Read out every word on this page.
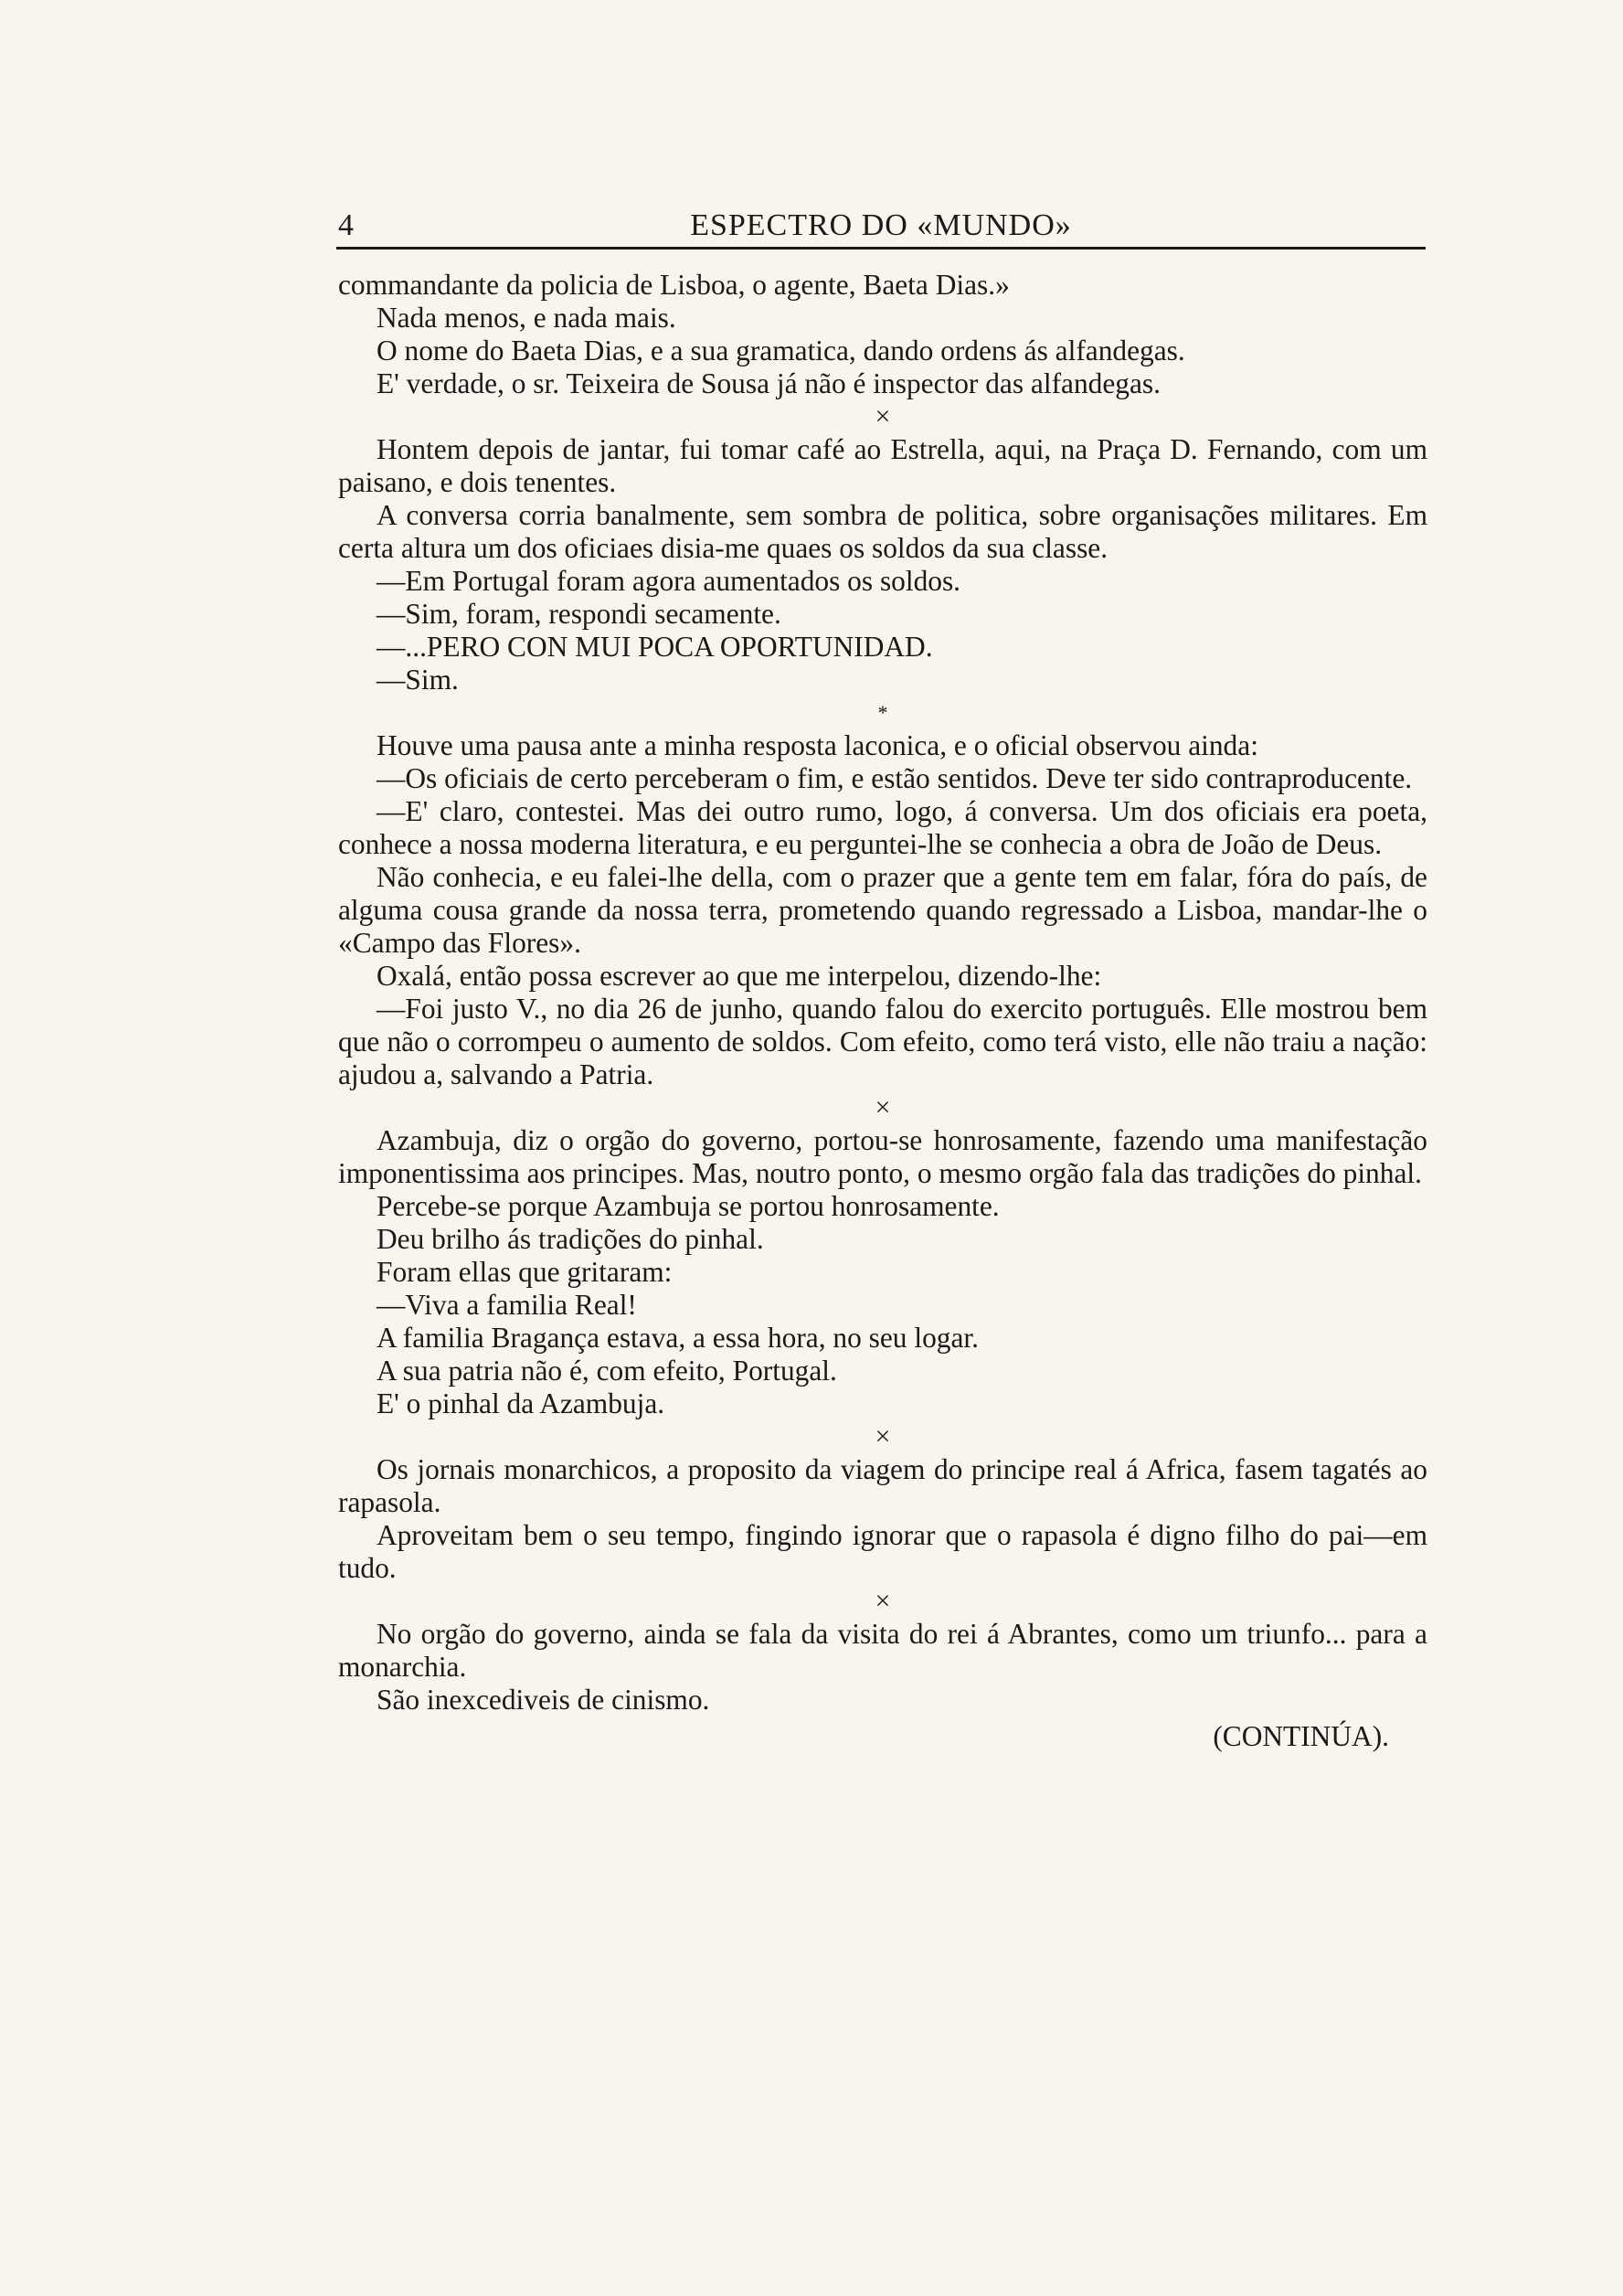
4	ESPECTRO DO «MUNDO»

commandante da policia de Lisboa, o agente, Baeta Dias.»

Nada menos, e nada mais.

O nome do Baeta Dias, e a sua gramatica, dando ordens ás alfandegas.

E' verdade, o sr. Teixeira de Sousa já não é inspector das alfandegas.

×

Hontem depois de jantar, fui tomar café ao Estrella, aqui, na Praça D. Fernando, com um paisano, e dois tenentes.

A conversa corria banalmente, sem sombra de politica, sobre organisações militares. Em certa altura um dos oficiaes disia-me quaes os soldos da sua classe.

—Em Portugal foram agora aumentados os soldos.

—Sim, foram, respondi secamente.

—...PERO CON MUI POCA OPORTUNIDAD.

—Sim.

*

Houve uma pausa ante a minha resposta laconica, e o oficial observou ainda:

—Os oficiais de certo perceberam o fim, e estão sentidos. Deve ter sido contraproducente.

—E' claro, contestei. Mas dei outro rumo, logo, á conversa. Um dos oficiais era poeta, conhece a nossa moderna literatura, e eu perguntei-lhe se conhecia a obra de João de Deus.

Não conhecia, e eu falei-lhe della, com o prazer que a gente tem em falar, fóra do país, de alguma cousa grande da nossa terra, prometendo quando regressado a Lisboa, mandar-lhe o «Campo das Flores».

Oxalá, então possa escrever ao que me interpelou, dizendo-lhe:

—Foi justo V., no dia 26 de junho, quando falou do exercito português. Elle mostrou bem que não o corrompeu o aumento de soldos. Com efeito, como terá visto, elle não traiu a nação: ajudou a, salvando a Patria.

×

Azambuja, diz o orgão do governo, portou-se honrosamente, fazendo uma manifestação imponentissima aos principes. Mas, noutro ponto, o mesmo orgão fala das tradições do pinhal.

Percebe-se porque Azambuja se portou honrosamente.

Deu brilho ás tradições do pinhal.

Foram ellas que gritaram:

—Viva a familia Real!

A familia Bragança estava, a essa hora, no seu logar.

A sua patria não é, com efeito, Portugal.

E' o pinhal da Azambuja.

×

Os jornais monarchicos, a proposito da viagem do principe real á Africa, fasem tagatés ao rapasola.

Aproveitam bem o seu tempo, fingindo ignorar que o rapasola é digno filho do pai—em tudo.

×

No orgão do governo, ainda se fala da visita do rei á Abrantes, como um triunfo... para a monarchia.

São inexcediveis de cinismo.

(CONTINÚA).
